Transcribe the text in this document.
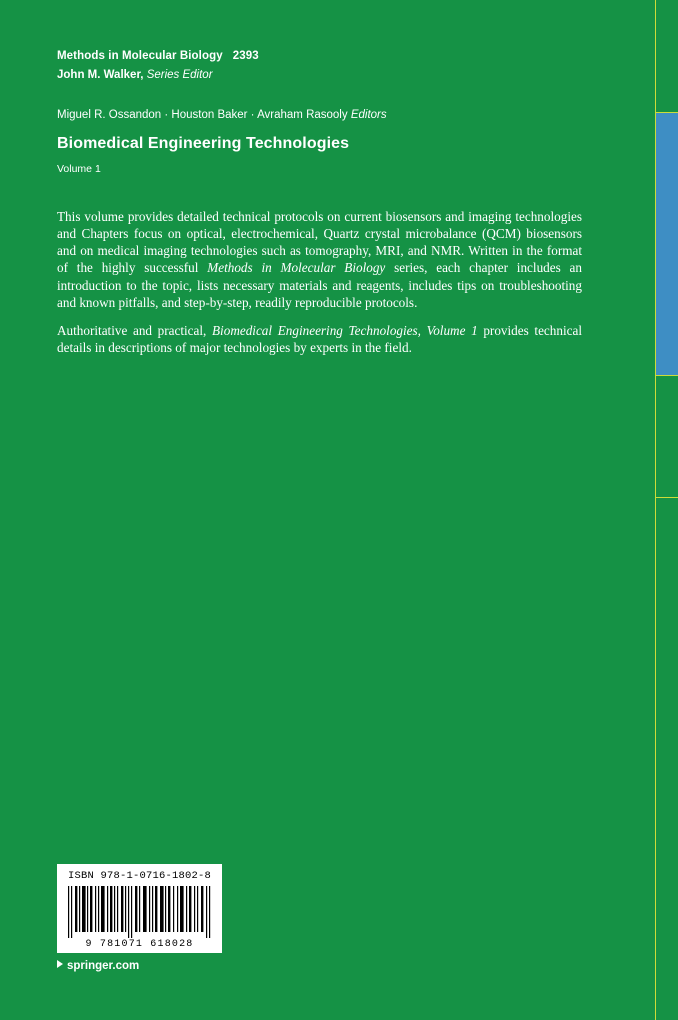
Methods in Molecular Biology 2393
John M. Walker, Series Editor
Miguel R. Ossandon · Houston Baker · Avraham Rasooly Editors
Biomedical Engineering Technologies
Volume 1

This volume provides detailed technical protocols on current biosensors and imaging technologies and Chapters focus on optical, electrochemical, Quartz crystal microbalance (QCM) biosensors and on medical imaging technologies such as tomography, MRI, and NMR. Written in the format of the highly successful Methods in Molecular Biology series, each chapter includes an introduction to the topic, lists necessary materials and reagents, includes tips on troubleshooting and known pitfalls, and step-by-step, readily reproducible protocols.

Authoritative and practical, Biomedical Engineering Technologies, Volume 1 provides technical details in descriptions of major technologies by experts in the field.

ISBN 978-1-0716-1802-8
9 781071 618028
springer.com
